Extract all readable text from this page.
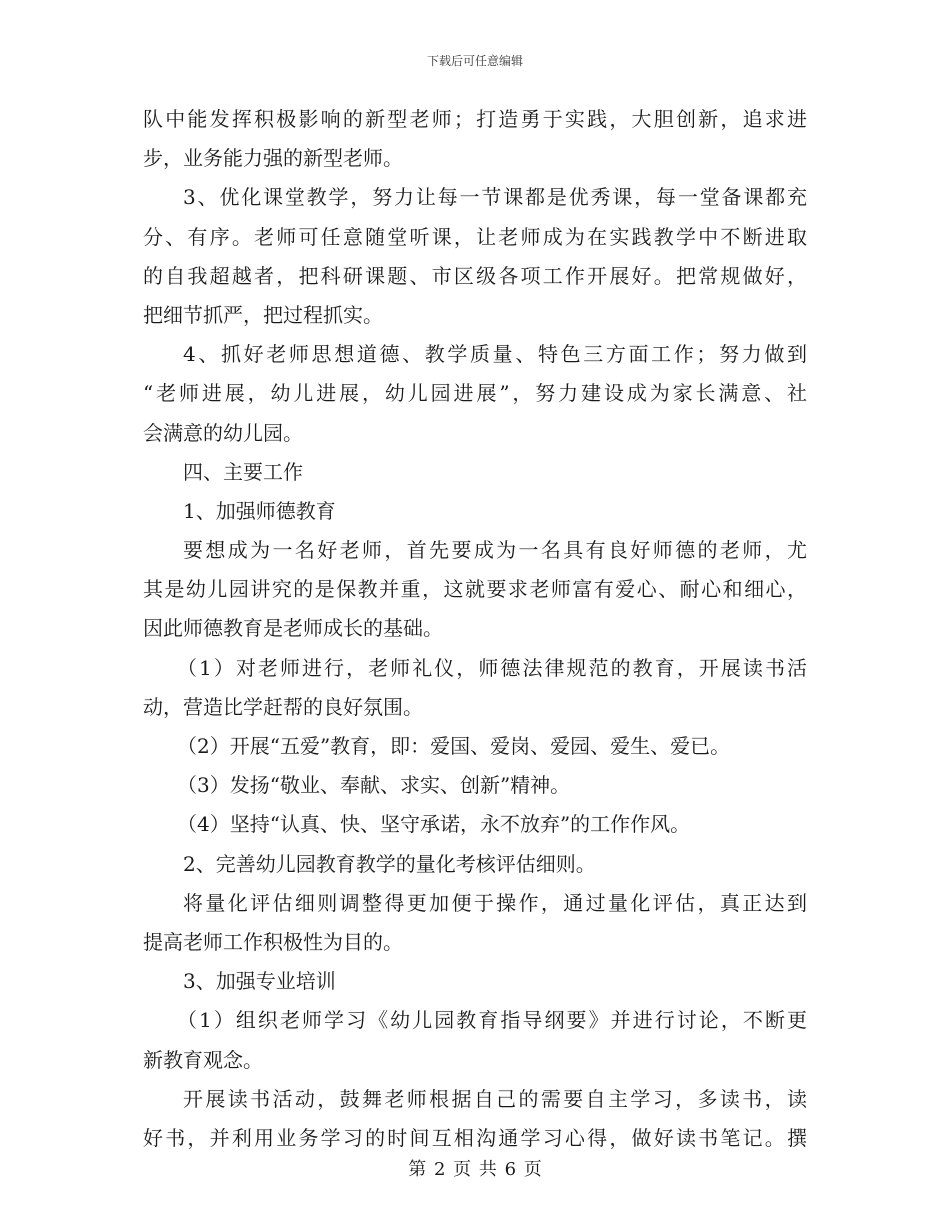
下载后可任意编辑
队中能发挥积极影响的新型老师；打造勇于实践，大胆创新，追求进
步，业务能力强的新型老师。
3、优化课堂教学，努力让每一节课都是优秀课，每一堂备课都充
分、有序。老师可任意随堂听课，让老师成为在实践教学中不断进取
的自我超越者，把科研课题、市区级各项工作开展好。把常规做好，
把细节抓严，把过程抓实。
4、抓好老师思想道德、教学质量、特色三方面工作；努力做到
“老师进展，幼儿进展，幼儿园进展”，努力建设成为家长满意、社
会满意的幼儿园。
四、主要工作
1、加强师德教育
要想成为一名好老师，首先要成为一名具有良好师德的老师，尤
其是幼儿园讲究的是保教并重，这就要求老师富有爱心、耐心和细心，
因此师德教育是老师成长的基础。
（1）对老师进行，老师礼仪，师德法律规范的教育，开展读书活
动，营造比学赶帮的良好氛围。
（2）开展“五爱”教育，即：爱国、爱岗、爱园、爱生、爱已。
（3）发扬“敬业、奉献、求实、创新”精神。
（4）坚持“认真、快、坚守承诺，永不放弃”的工作作风。
2、完善幼儿园教育教学的量化考核评估细则。
将量化评估细则调整得更加便于操作，通过量化评估，真正达到
提高老师工作积极性为目的。
3、加强专业培训
（1）组织老师学习《幼儿园教育指导纲要》并进行讨论，不断更
新教育观念。
开展读书活动，鼓舞老师根据自己的需要自主学习，多读书，读
好书，并利用业务学习的时间互相沟通学习心得，做好读书笔记。撰
第 2 页 共 6 页
